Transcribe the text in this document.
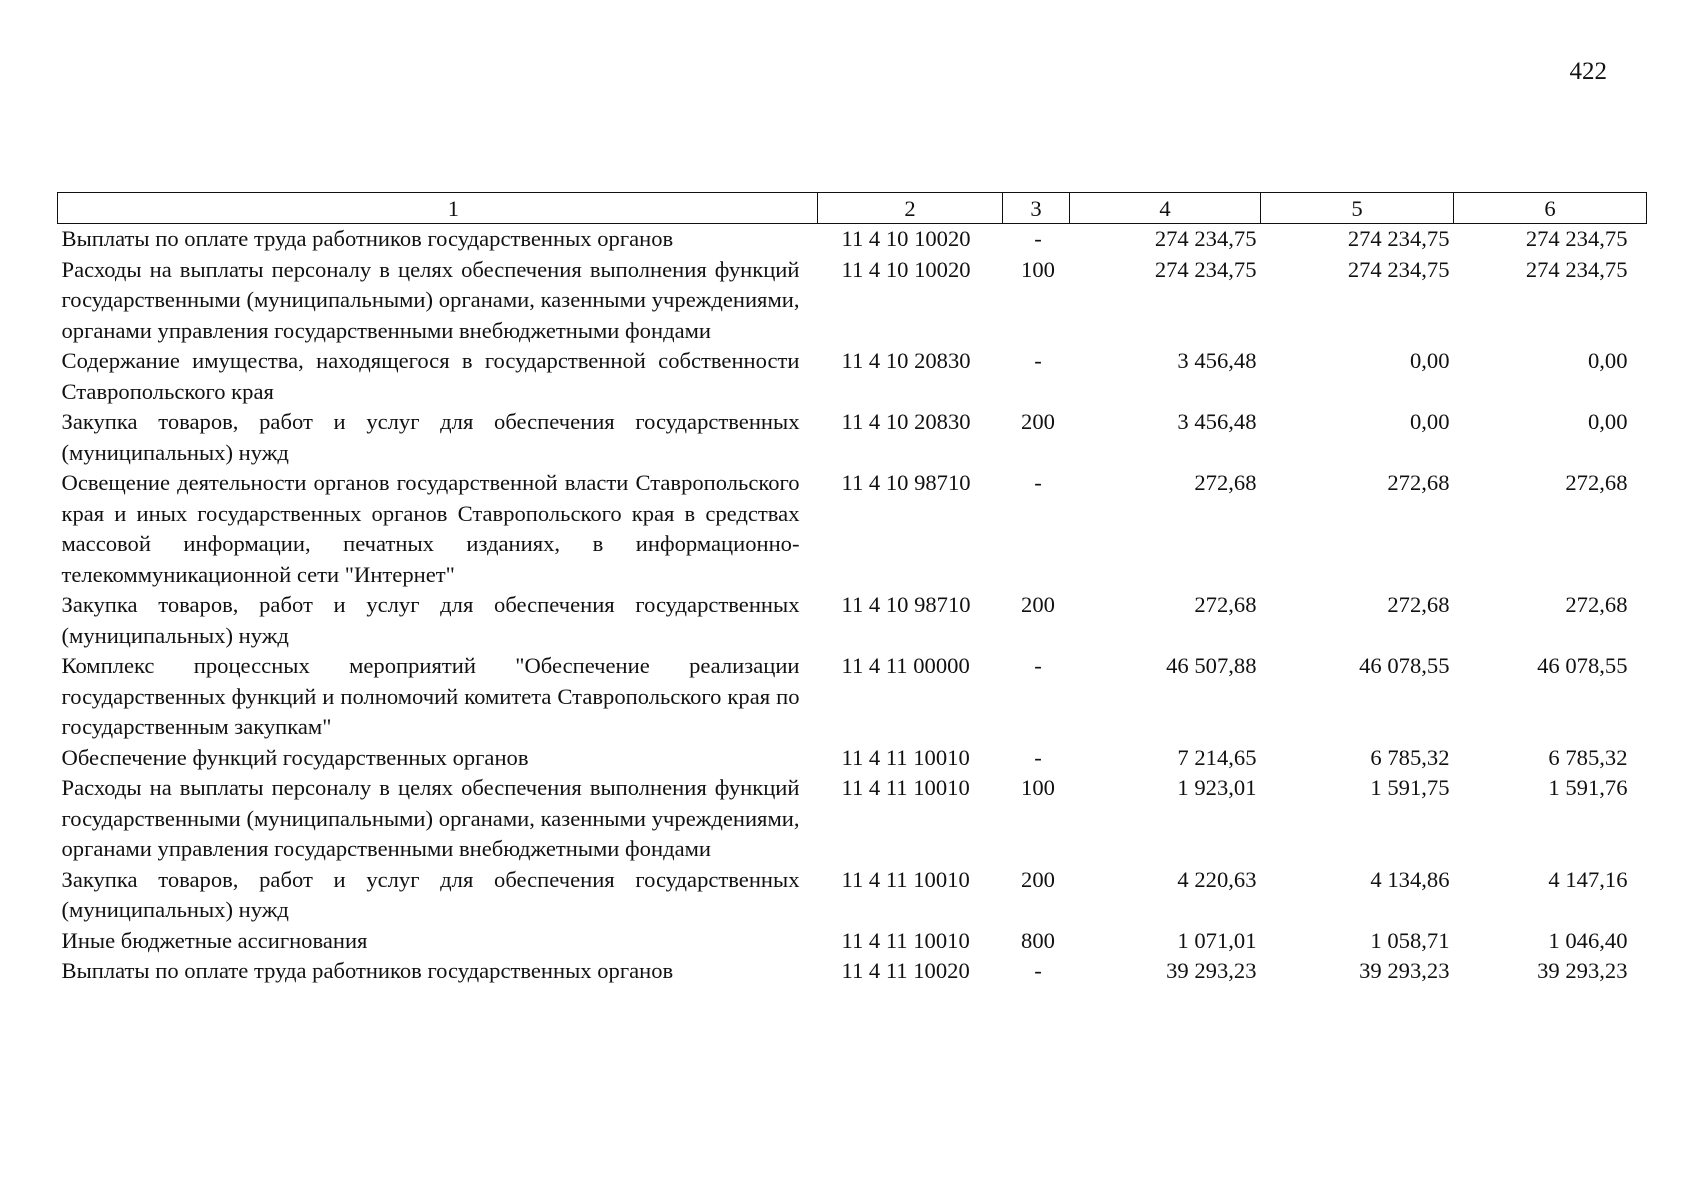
422
1	2	3	4	5	6
Выплаты по оплате труда работников государственных органов	11 4 10 10020	-	274 234,75	274 234,75	274 234,75
Расходы на выплаты персоналу в целях обеспечения выполнения функций государственными (муниципальными) органами, казенными учреждениями, органами управления государственными внебюджетными фондами	11 4 10 10020	100	274 234,75	274 234,75	274 234,75
Содержание имущества, находящегося в государственной собственности Ставропольского края	11 4 10 20830	-	3 456,48	0,00	0,00
Закупка товаров, работ и услуг для обеспечения государственных (муниципальных) нужд	11 4 10 20830	200	3 456,48	0,00	0,00
Освещение деятельности органов государственной власти Ставропольского края и иных государственных органов Ставропольского края в средствах массовой информации, печатных изданиях, в информационно-телекоммуникационной сети "Интернет"	11 4 10 98710	-	272,68	272,68	272,68
Закупка товаров, работ и услуг для обеспечения государственных (муниципальных) нужд	11 4 10 98710	200	272,68	272,68	272,68
Комплекс процессных мероприятий "Обеспечение реализации государственных функций и полномочий комитета Ставропольского края по государственным закупкам"	11 4 11 00000	-	46 507,88	46 078,55	46 078,55
Обеспечение функций государственных органов	11 4 11 10010	-	7 214,65	6 785,32	6 785,32
Расходы на выплаты персоналу в целях обеспечения выполнения функций государственными (муниципальными) органами, казенными учреждениями, органами управления государственными внебюджетными фондами	11 4 11 10010	100	1 923,01	1 591,75	1 591,76
Закупка товаров, работ и услуг для обеспечения государственных (муниципальных) нужд	11 4 11 10010	200	4 220,63	4 134,86	4 147,16
Иные бюджетные ассигнования	11 4 11 10010	800	1 071,01	1 058,71	1 046,40
Выплаты по оплате труда работников государственных органов	11 4 11 10020	-	39 293,23	39 293,23	39 293,23
